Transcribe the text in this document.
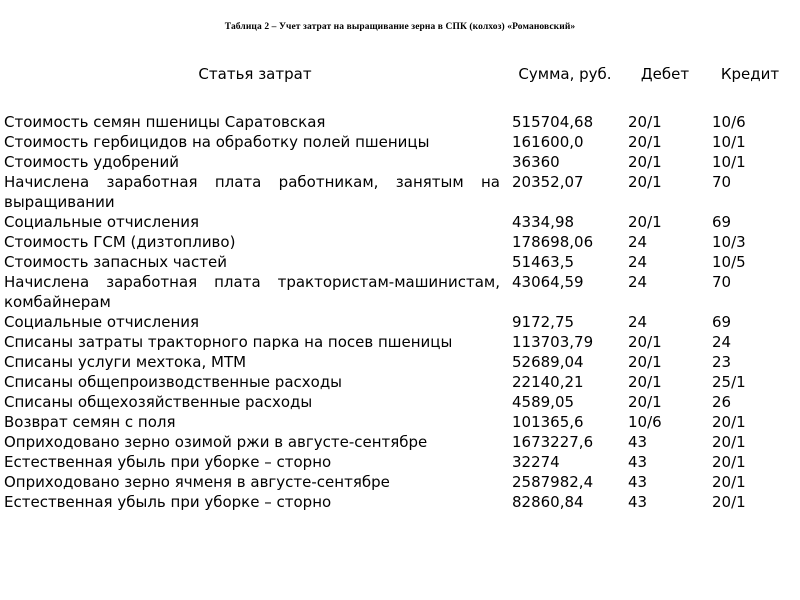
Таблица 2 – Учет затрат на выращивание зерна в СПК (колхоз) «Романовский»
Статья затрат	Сумма, руб.	Дебет	Кредит
Стоимость семян пшеницы Саратовская	515704,68	20/1	10/6
Стоимость гербицидов на обработку полей пшеницы	161600,0	20/1	10/1
Стоимость удобрений	36360	20/1	10/1
Начислена заработная плата работникам, занятым на выращивании	20352,07	20/1	70
Социальные отчисления	4334,98	20/1	69
Стоимость ГСМ (дизтопливо)	178698,06	24	10/3
Стоимость запасных частей	51463,5	24	10/5
Начислена заработная плата трактористам-машинистам, комбайнерам	43064,59	24	70
Социальные отчисления	9172,75	24	69
Списаны затраты тракторного парка на посев пшеницы	113703,79	20/1	24
Списаны услуги мехтока, МТМ	52689,04	20/1	23
Списаны общепроизводственные расходы	22140,21	20/1	25/1
Списаны общехозяйственные расходы	4589,05	20/1	26
Возврат семян с поля	101365,6	10/6	20/1
Оприходовано зерно озимой ржи в августе-сентябре	1673227,6	43	20/1
Естественная убыль при уборке – сторно	32274	43	20/1
Оприходовано зерно ячменя в августе-сентябре	2587982,4	43	20/1
Естественная убыль при уборке – сторно	82860,84	43	20/1
